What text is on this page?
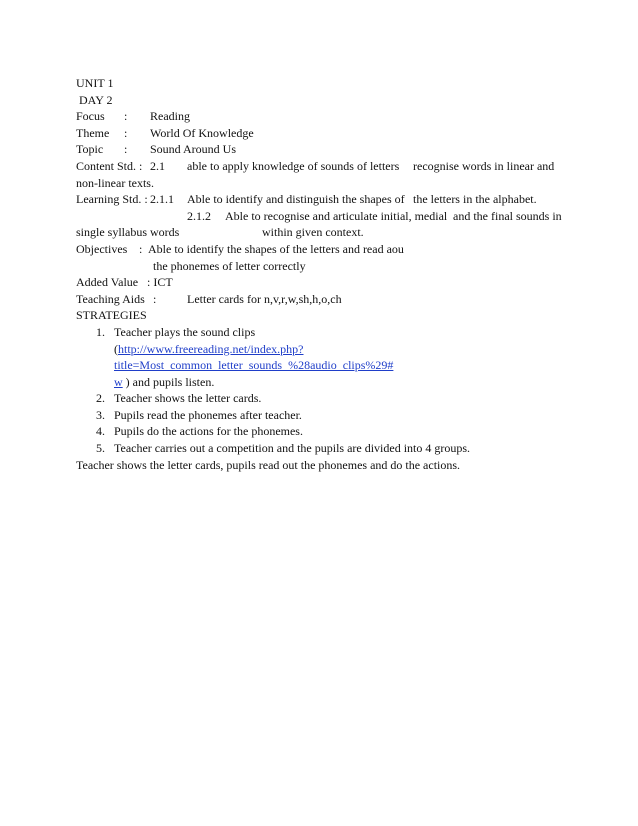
UNIT 1
DAY 2
Focus : Reading
Theme : World Of Knowledge
Topic : Sound Around Us
Content Std. : 2.1 able to apply knowledge of sounds of letters recognise words in linear and
non-linear texts.
Learning Std. : 2.1.1 Able to identify and distinguish the shapes of the letters in the alphabet.
2.1.2 Able to recognise and articulate initial, medial and the final sounds in
single syllabus words	within given context.
Objectives : Able to identify the shapes of the letters and read aou
the phonemes of letter correctly
Added Value : ICT
Teaching Aids :	Letter cards for n,v,r,w,sh,h,o,ch
STRATEGIES
1. Teacher plays the sound clips
(http://www.freereading.net/index.php?title=Most_common_letter_sounds_%28audio_clips%29#
w ) and pupils listen.
2. Teacher shows the letter cards.
3. Pupils read the phonemes after teacher.
4. Pupils do the actions for the phonemes.
5. Teacher carries out a competition and the pupils are divided into 4 groups.
Teacher shows the letter cards, pupils read out the phonemes and do the actions.
